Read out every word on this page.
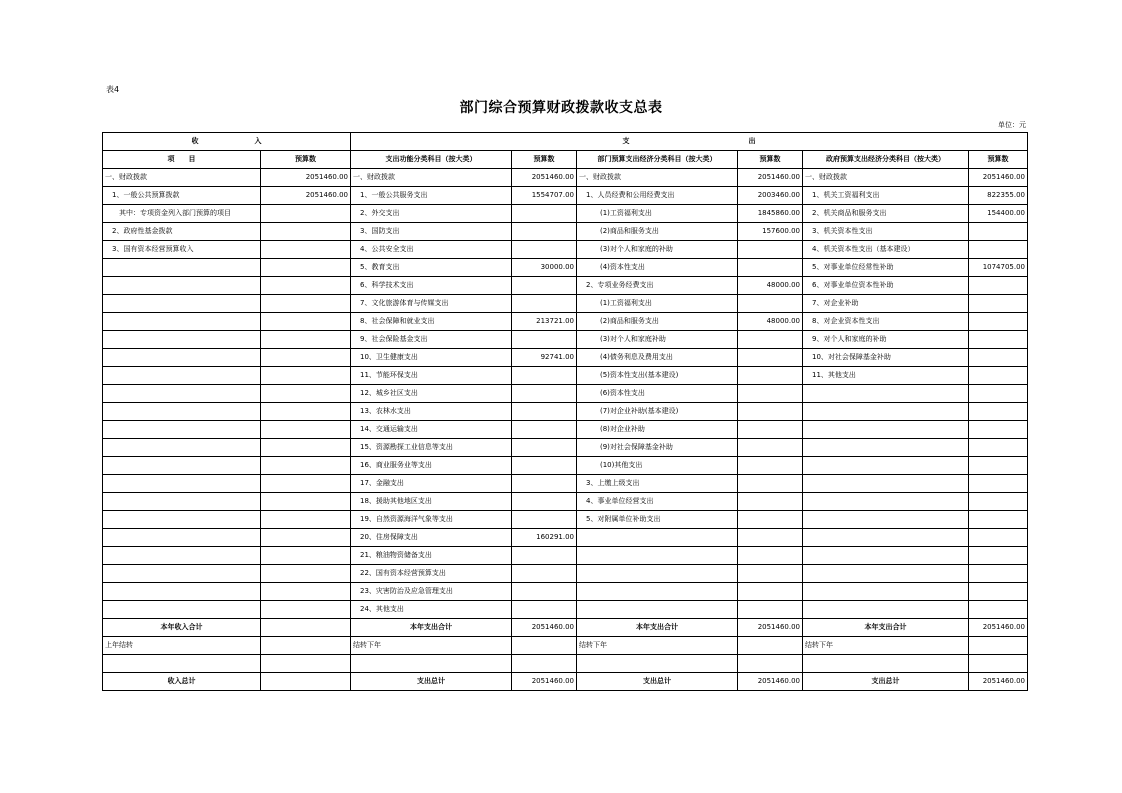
表4
部门综合预算财政拨款收支总表
单位：元
收　　　　　　　　入		支　　　　　　　　　　　　　　　　　出					
项　　目	预算数	支出功能分类科目（按大类）	预算数	部门预算支出经济分类科目（按大类）	预算数	政府预算支出经济分类科目（按大类）	预算数
一、财政拨款	2051460.00	一、财政拨款	2051460.00	一、财政拨款	2051460.00	一、财政拨款	2051460.00
　1、一般公共预算拨款	2051460.00	　1、一般公共服务支出	1554707.00	　1、人员经费和公用经费支出	2003460.00	　1、机关工资福利支出	822355.00
　　其中：专项资金列入部门预算的项目		　2、外交支出		　　　(1)工资福利支出	1845860.00	　2、机关商品和服务支出	154400.00
　2、政府性基金拨款		　3、国防支出		　　　(2)商品和服务支出	157600.00	　3、机关资本性支出	
　3、国有资本经营预算收入		　4、公共安全支出		　　　(3)对个人和家庭的补助		　4、机关资本性支出（基本建设）	
		　5、教育支出	30000.00	　　　(4)资本性支出		　5、对事业单位经常性补助	1074705.00
		　6、科学技术支出		　2、专项业务经费支出	48000.00	　6、对事业单位资本性补助	
		　7、文化旅游体育与传媒支出		　　　(1)工资福利支出		　7、对企业补助	
		　8、社会保障和就业支出	213721.00	　　　(2)商品和服务支出	48000.00	　8、对企业资本性支出	
		　9、社会保险基金支出		　　　(3)对个人和家庭补助		　9、对个人和家庭的补助	
		　10、卫生健康支出	92741.00	　　　(4)债务利息及费用支出		　10、对社会保障基金补助	
		　11、节能环保支出		　　　(5)资本性支出(基本建设)		　11、其他支出	
		　12、城乡社区支出		　　　(6)资本性支出			
		　13、农林水支出		　　　(7)对企业补助(基本建设)			
		　14、交通运输支出		　　　(8)对企业补助			
		　15、资源勘探工业信息等支出		　　　(9)对社会保障基金补助			
		　16、商业服务业等支出		　　　(10)其他支出			
		　17、金融支出		　3、上缴上级支出			
		　18、援助其他地区支出		　4、事业单位经营支出			
		　19、自然资源海洋气象等支出		　5、对附属单位补助支出			
		　20、住房保障支出	160291.00				
		　21、粮油物资储备支出					
		　22、国有资本经营预算支出					
		　23、灾害防治及应急管理支出					
		　24、其他支出					
本年收入合计		本年支出合计	2051460.00	本年支出合计	2051460.00	本年支出合计	2051460.00
上年结转		结转下年		结转下年		结转下年	

收入总计		支出总计	2051460.00	支出总计	2051460.00	支出总计	2051460.00
